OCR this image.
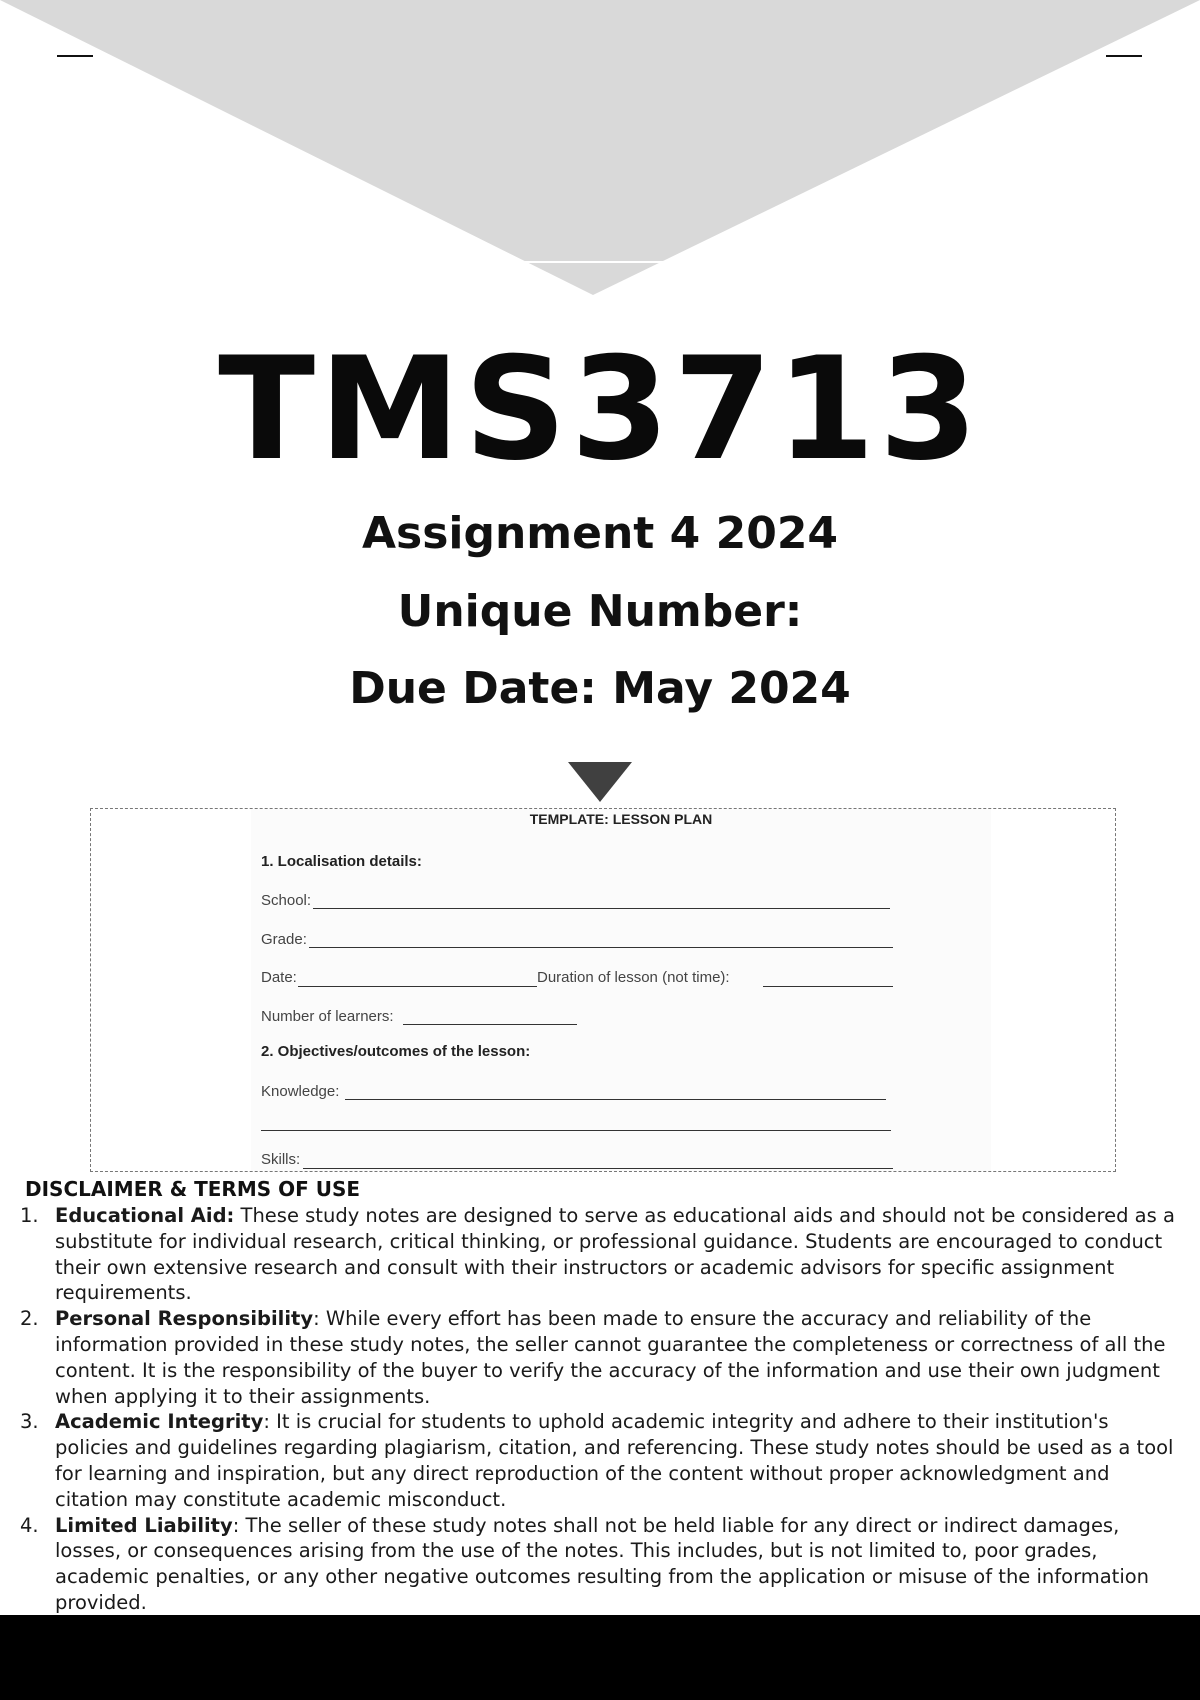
TMS3713
Assignment 4 2024
Unique Number:
Due Date: May 2024
TEMPLATE: LESSON PLAN
1. Localisation details:
School:
Grade:
Date:	Duration of lesson (not time):
Number of learners:
2. Objectives/outcomes of the lesson:
Knowledge:
Skills:
DISCLAIMER & TERMS OF USE
1. Educational Aid: These study notes are designed to serve as educational aids and should not be considered as a substitute for individual research, critical thinking, or professional guidance. Students are encouraged to conduct their own extensive research and consult with their instructors or academic advisors for specific assignment requirements.
2. Personal Responsibility: While every effort has been made to ensure the accuracy and reliability of the information provided in these study notes, the seller cannot guarantee the completeness or correctness of all the content. It is the responsibility of the buyer to verify the accuracy of the information and use their own judgment when applying it to their assignments.
3. Academic Integrity: It is crucial for students to uphold academic integrity and adhere to their institution's policies and guidelines regarding plagiarism, citation, and referencing. These study notes should be used as a tool for learning and inspiration, but any direct reproduction of the content without proper acknowledgment and citation may constitute academic misconduct.
4. Limited Liability: The seller of these study notes shall not be held liable for any direct or indirect damages, losses, or consequences arising from the use of the notes. This includes, but is not limited to, poor grades, academic penalties, or any other negative outcomes resulting from the application or misuse of the information provided.
